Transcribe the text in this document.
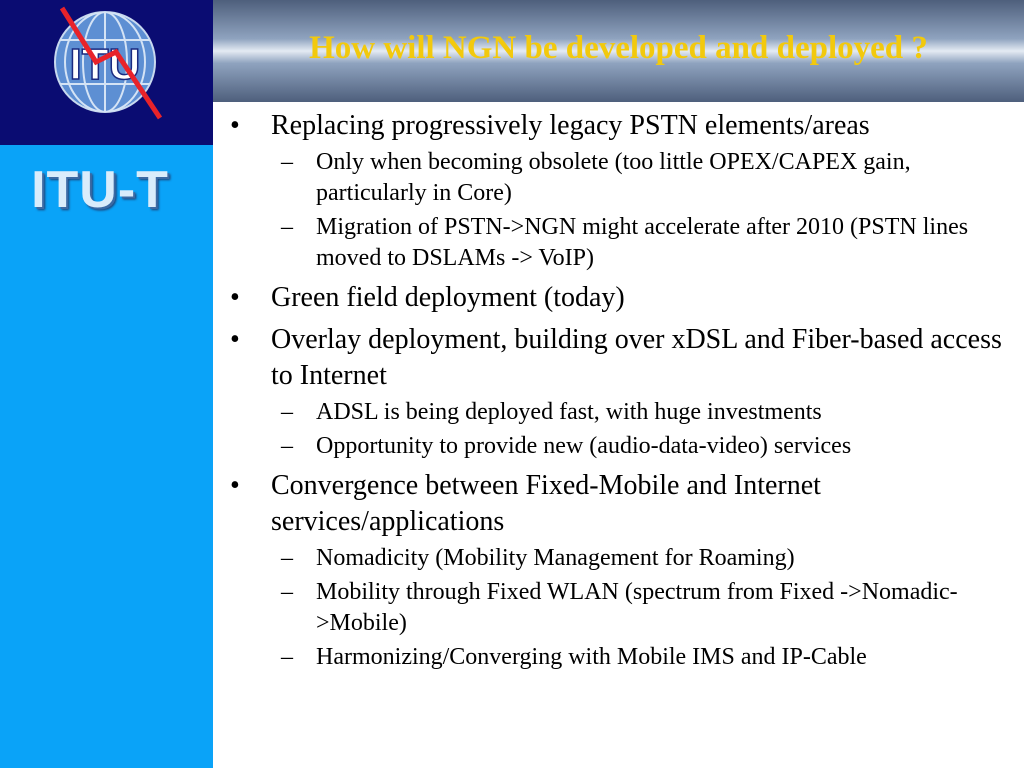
ITU
ITU-T
How will NGN be developed and deployed ?
• Replacing progressively legacy PSTN elements/areas
– Only when becoming obsolete (too little OPEX/CAPEX gain, particularly in Core)
– Migration of PSTN->NGN might accelerate after 2010 (PSTN lines moved to DSLAMs -> VoIP)
• Green field deployment (today)
• Overlay deployment, building over xDSL and Fiber-based access to Internet
– ADSL is being deployed fast, with huge investments
– Opportunity to provide new (audio-data-video) services
• Convergence between Fixed-Mobile and Internet services/applications
– Nomadicity (Mobility Management for Roaming)
– Mobility through Fixed WLAN (spectrum from Fixed ->Nomadic->Mobile)
– Harmonizing/Converging with Mobile IMS and IP-Cable
